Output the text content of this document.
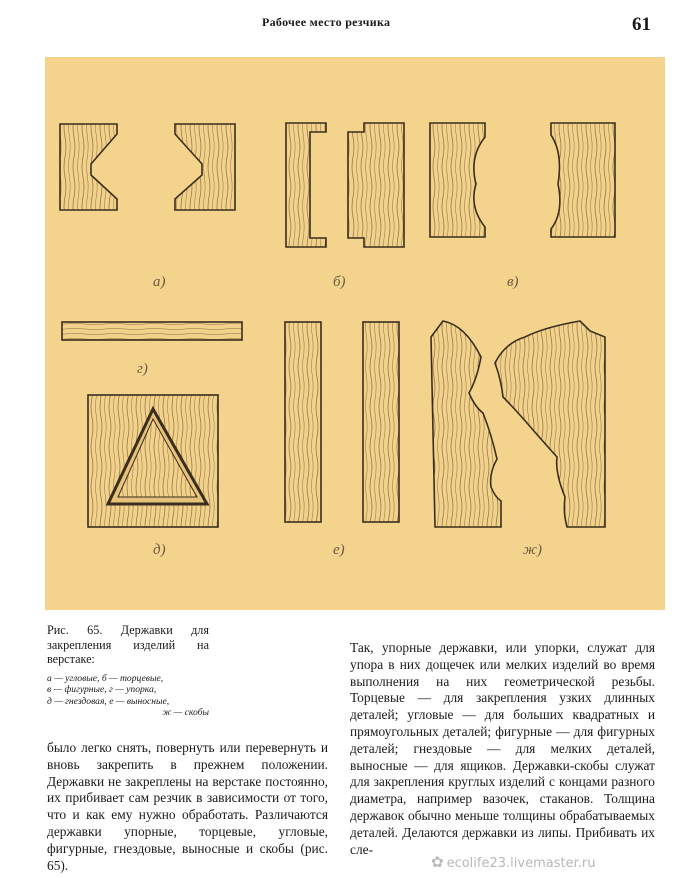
Рабочее место резчика	61
а)	б)	в)
г)
д)	е)	ж)
Рис. 65. Державки для закрепления изделий на верстаке:
а — угловые, б — торцевые,
в — фигурные, г — упорка,
д — гнездовая, е — выносные,
ж — скобы
было легко снять, повернуть или перевернуть и вновь закрепить в прежнем положении. Державки не закреплены на верстаке постоянно, их прибивает сам резчик в зависимости от того, что и как ему нужно обработать. Различаются державки упорные, торцевые, угловые, фигурные, гнездовые, выносные и скобы (рис. 65).
Так, упорные державки, или упорки, служат для упора в них дощечек или мелких изделий во время выполнения на них геометрической резьбы. Торцевые — для закрепления узких длинных деталей; угловые — для больших квадратных и прямоугольных деталей; фигурные — для фигурных деталей; гнездовые — для мелких деталей, выносные — для ящиков. Державки-скобы служат для закрепления круглых изделий с концами разного диаметра, например вазочек, стаканов. Толщина державок обычно меньше толщины обрабатываемых деталей. Делаются державки из липы. Прибивать их сле-
✿ ecolife23.livemaster.ru
